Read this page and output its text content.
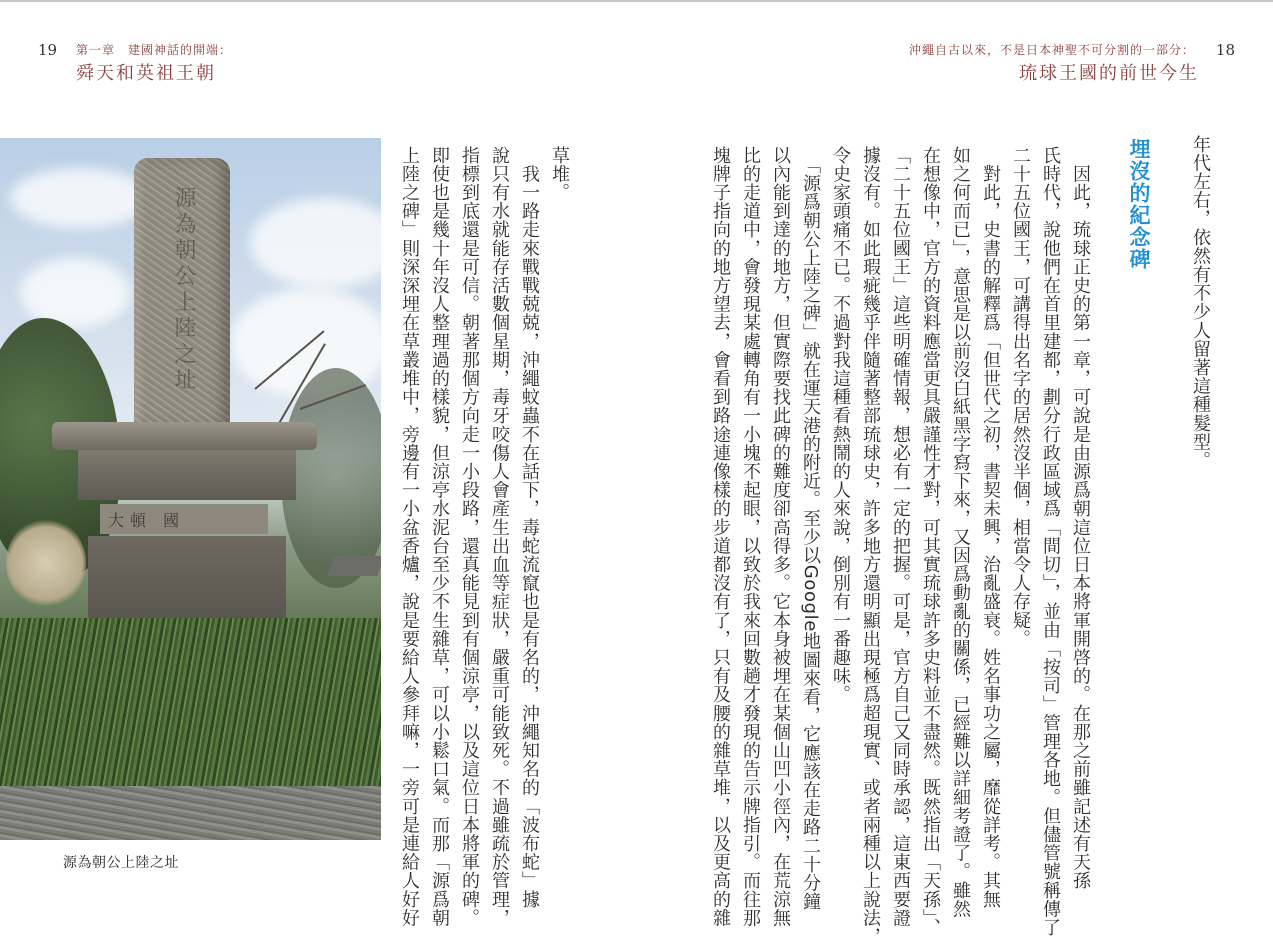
19 第一章　建國神話的開端：
舜天和英祖王朝
沖繩自古以來，不是日本神聖不可分割的一部分： 18
琉球王國的前世今生
源為朝公上陸之址
大頓 國
源為朝公上陸之址
草堆。
　我一路走來戰戰兢兢，沖繩蚊蟲不在話下，毒蛇流竄也是有名的，沖繩知名的「波布蛇」據
說只有水就能存活數個星期，毒牙咬傷人會產生出血等症狀，嚴重可能致死。不過雖疏於管理，
指標到底還是可信。朝著那個方向走一小段路，還真能見到有個涼亭，以及這位日本將軍的碑。
即使也是幾十年沒人整理過的樣貌，但涼亭水泥台至少不生雜草，可以小鬆口氣。而那「源爲朝
上陸之碑」則深深埋在草叢堆中，旁邊有一小盆香爐，說是要給人參拜嘛，一旁可是連給人好好	年代左右，依然有不少人留著這種髮型。
埋沒的紀念碑
　因此，琉球正史的第一章，可說是由源爲朝這位日本將軍開啓的。在那之前雖記述有天孫
氏時代，說他們在首里建都，劃分行政區域爲「間切」，並由「按司」管理各地。但儘管號稱傳了
二十五位國王，可講得出名字的居然沒半個，相當令人存疑。
　對此，史書的解釋爲「但世代之初，書契未興，治亂盛衰。姓名事功之屬，靡從詳考。其無
如之何而已」，意思是以前沒白紙黑字寫下來，又因爲動亂的關係，已經難以詳細考證了。雖然
在想像中，官方的資料應當更具嚴謹性才對，可其實琉球許多史料並不盡然。既然指出「天孫」、
「二十五位國王」這些明確情報，想必有一定的把握。可是，官方自己又同時承認，這東西要證
據沒有。如此瑕疵幾乎伴隨著整部琉球史，許多地方還明顯出現極爲超現實、或者兩種以上說法，
令史家頭痛不已。不過對我這種看熱鬧的人來說，倒別有一番趣味。
　「源爲朝公上陸之碑」就在運天港的附近。至少以Google地圖來看，它應該在走路二十分鐘
以內能到達的地方，但實際要找此碑的難度卻高得多。它本身被埋在某個山凹小徑內，在荒涼無
比的走道中，會發現某處轉角有一小塊不起眼，以致於我來回數趟才發現的告示牌指引。而往那
塊牌子指向的地方望去，會看到路途連像樣的步道都沒有了，只有及腰的雜草堆，以及更高的雜
